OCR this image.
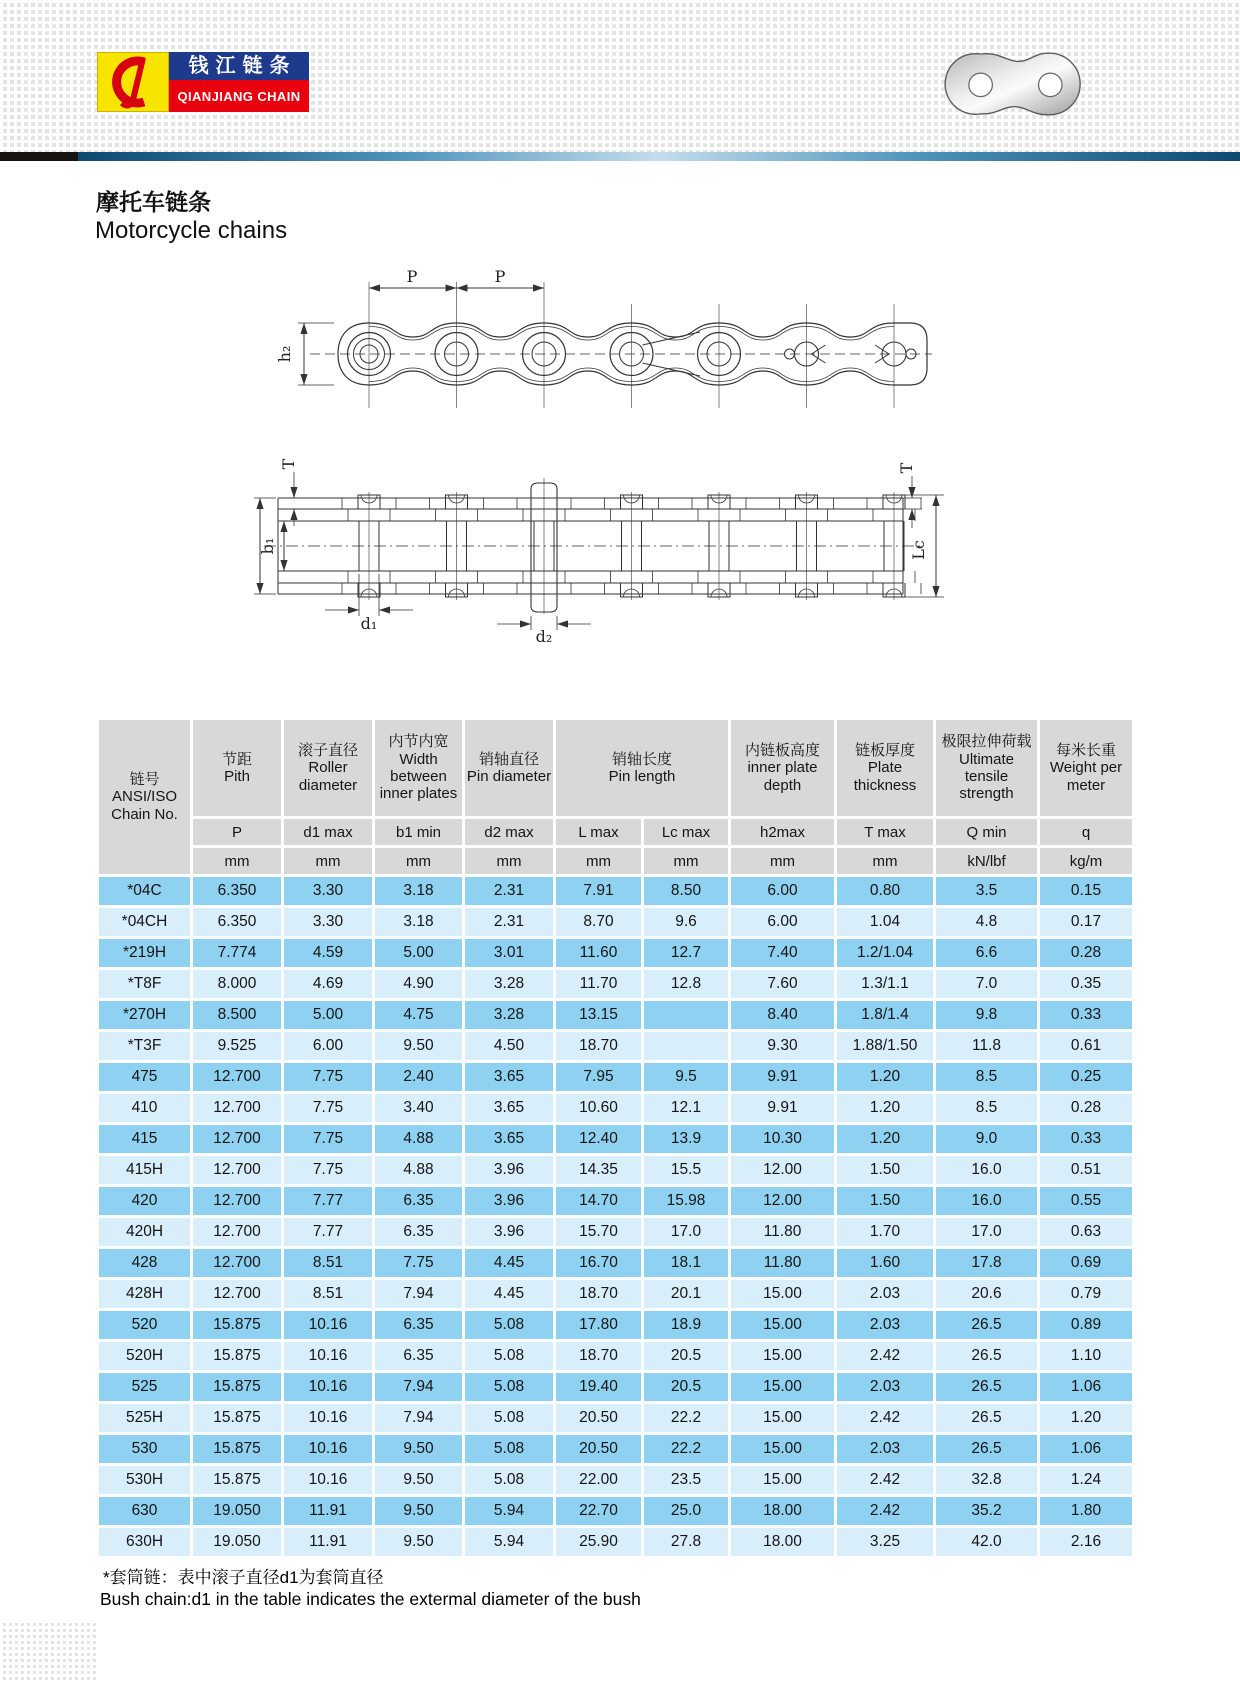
钱江链条
QIANJIANG CHAIN
摩托车链条
Motorcycle chains
P	P
h₂
T
b₁
d₁
d₂
T
Lc
链号
ANSI/ISO
Chain No.

节距
Pith

滚子直径
Roller diameter

内节内宽
Width between inner plates

销轴直径
Pin diameter

销轴长度
Pin length

内链板高度
inner plate depth

链板厚度
Plate thickness

极限拉伸荷载
Ultimate tensile strength

每米长重
Weight per meter

	P	d1 max	b1 min	d2 max	L max	Lc max	h2max	T max	Q min	q
	mm	mm	mm	mm	mm	mm	mm	mm	kN/lbf	kg/m
*04C	6.350	3.30	3.18	2.31	7.91	8.50	6.00	0.80	3.5	0.15
*04CH	6.350	3.30	3.18	2.31	8.70	9.6	6.00	1.04	4.8	0.17
*219H	7.774	4.59	5.00	3.01	11.60	12.7	7.40	1.2/1.04	6.6	0.28
*T8F	8.000	4.69	4.90	3.28	11.70	12.8	7.60	1.3/1.1	7.0	0.35
*270H	8.500	5.00	4.75	3.28	13.15		8.40	1.8/1.4	9.8	0.33
*T3F	9.525	6.00	9.50	4.50	18.70		9.30	1.88/1.50	11.8	0.61
475	12.700	7.75	2.40	3.65	7.95	9.5	9.91	1.20	8.5	0.25
410	12.700	7.75	3.40	3.65	10.60	12.1	9.91	1.20	8.5	0.28
415	12.700	7.75	4.88	3.65	12.40	13.9	10.30	1.20	9.0	0.33
415H	12.700	7.75	4.88	3.96	14.35	15.5	12.00	1.50	16.0	0.51
420	12.700	7.77	6.35	3.96	14.70	15.98	12.00	1.50	16.0	0.55
420H	12.700	7.77	6.35	3.96	15.70	17.0	11.80	1.70	17.0	0.63
428	12.700	8.51	7.75	4.45	16.70	18.1	11.80	1.60	17.8	0.69
428H	12.700	8.51	7.94	4.45	18.70	20.1	15.00	2.03	20.6	0.79
520	15.875	10.16	6.35	5.08	17.80	18.9	15.00	2.03	26.5	0.89
520H	15.875	10.16	6.35	5.08	18.70	20.5	15.00	2.42	26.5	1.10
525	15.875	10.16	7.94	5.08	19.40	20.5	15.00	2.03	26.5	1.06
525H	15.875	10.16	7.94	5.08	20.50	22.2	15.00	2.42	26.5	1.20
530	15.875	10.16	9.50	5.08	20.50	22.2	15.00	2.03	26.5	1.06
530H	15.875	10.16	9.50	5.08	22.00	23.5	15.00	2.42	32.8	1.24
630	19.050	11.91	9.50	5.94	22.70	25.0	18.00	2.42	35.2	1.80
630H	19.050	11.91	9.50	5.94	25.90	27.8	18.00	3.25	42.0	2.16
*套筒链：表中滚子直径d1为套筒直径
Bush chain:d1 in the table indicates the extermal diameter of the bush
